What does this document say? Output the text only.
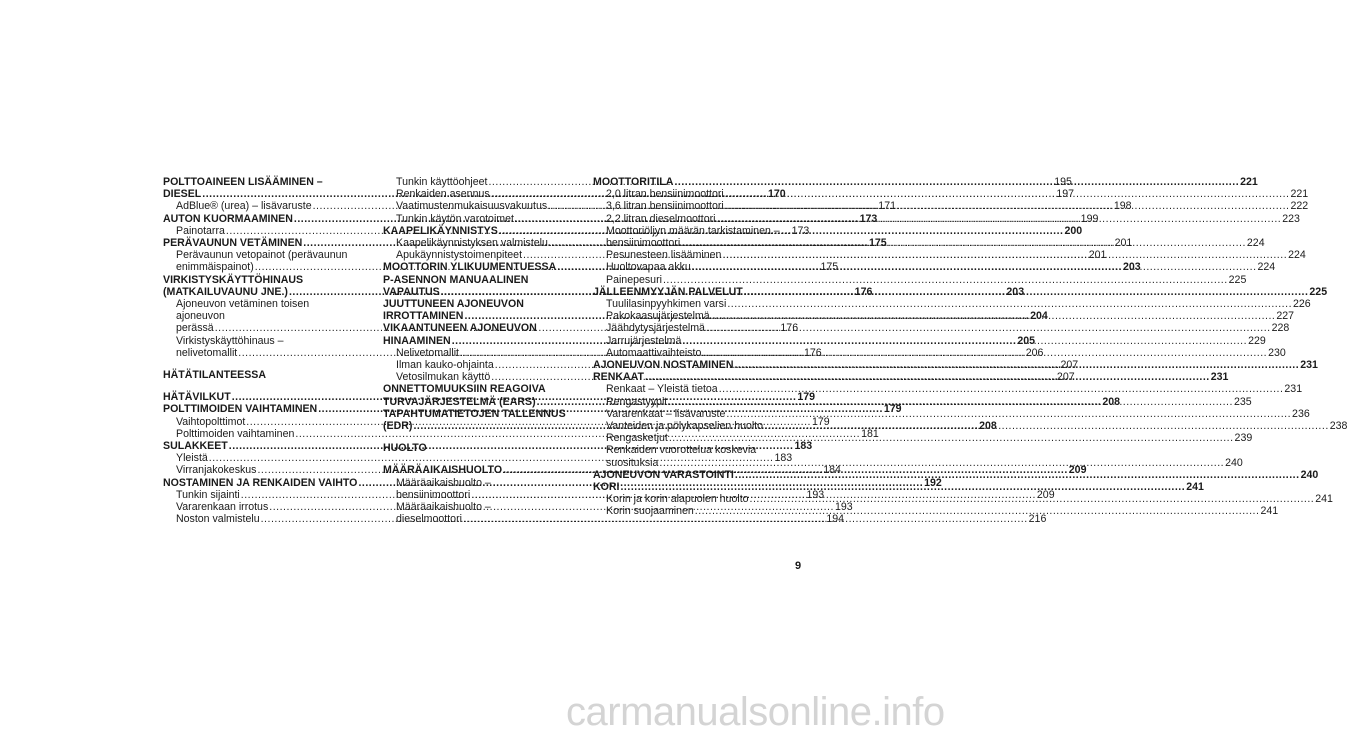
POLTTOAINEEN LISÄÄMINEN –
DIESEL .....	170
AdBlue® (urea) – lisävaruste .....	171
AUTON KUORMAAMINEN .....	173
Painotarra .....	173
PERÄVAUNUN VETÄMINEN .....	175
Perävaunun vetopainot (perävaunun
enimmäispainot) .....	175
VIRKISTYSKÄYTTÖHINAUS
(MATKAILUVAUNU JNE.) .....	176
Ajoneuvon vetäminen toisen ajoneuvon
perässä .....	176
Virkistyskäyttöhinaus –
nelivetomallit .....	176
HÄTÄTILANTEESSA
HÄTÄVILKUT .....	179
POLTTIMOIDEN VAIHTAMINEN .....	179
Vaihtopolttimot .....	179
Polttimoiden vaihtaminen .....	181
SULAKKEET .....	183
Yleistä .....	183
Virranjakokeskus .....	184
NOSTAMINEN JA RENKAIDEN VAIHTO .....	192
Tunkin sijainti .....	193
Vararenkaan irrotus .....	193
Noston valmistelu .....	194
Tunkin käyttöohjeet .....	195
Renkaiden asennus .....	197
Vaatimustenmukaisuusvakuutus .....	198
Tunkin käytön varotoimet .....	199
KAAPELIKÄYNNISTYS .....	200
Kaapelikäynnistyksen valmistelu .....	201
Apukäynnistystoimenpiteet .....	201
MOOTTORIN YLIKUUMENTUESSA .....	203
P-ASENNON MANUAALINEN
VAPAUTUS .....	203
JUUTTUNEEN AJONEUVON
IRROTTAMINEN .....	204
VIKAANTUNEEN AJONEUVON
HINAAMINEN .....	205
Nelivetomallit .....	206
Ilman kauko-ohjainta .....	207
Vetosilmukan käyttö .....	207
ONNETTOMUUKSIIN REAGOIVA
TURVAJÄRJESTELMÄ (EARS) .....	208
TAPAHTUMATIETOJEN TALLENNUS
(EDR) .....	208
HUOLTO
MÄÄRÄAIKAISHUOLTO .....	209
Määräaikaishuolto –
bensiinimoottori .....	209
Määräaikaishuolto –
dieselmoottori .....	216
MOOTTORITILA .....	221
2,0 litran bensiinimoottori .....	221
3,6 litran bensiinimoottori .....	222
2,2 litran dieselmoottori .....	223
Moottoriöljyn määrän tarkistaminen –
bensiinimoottori .....	224
Pesunesteen lisääminen .....	224
Huoltovapaa akku .....	224
Painepesuri .....	225
JÄLLEENMYYJÄN PALVELUT .....	225
Tuulilasinpyyhkimen varsi .....	226
Pakokaasujärjestelmä .....	227
Jäähdytysjärjestelmä .....	228
Jarrujärjestelmä .....	229
Automaattivaihteisto .....	230
AJONEUVON NOSTAMINEN .....	231
RENKAAT .....	231
Renkaat – Yleistä tietoa .....	231
Rengastyypit .....	235
Vararenkaat – lisävaruste .....	236
Vanteiden ja pölykapselien huolto .....	238
Rengasketjut .....	239
Renkaiden vuorottelua koskevia
suosituksia .....	240
AJONEUVON VARASTOINTI .....	240
KORI .....	241
Korin ja korin alapuolen huolto .....	241
Korin suojaaminen .....	241
9
carmanualsonline.info
